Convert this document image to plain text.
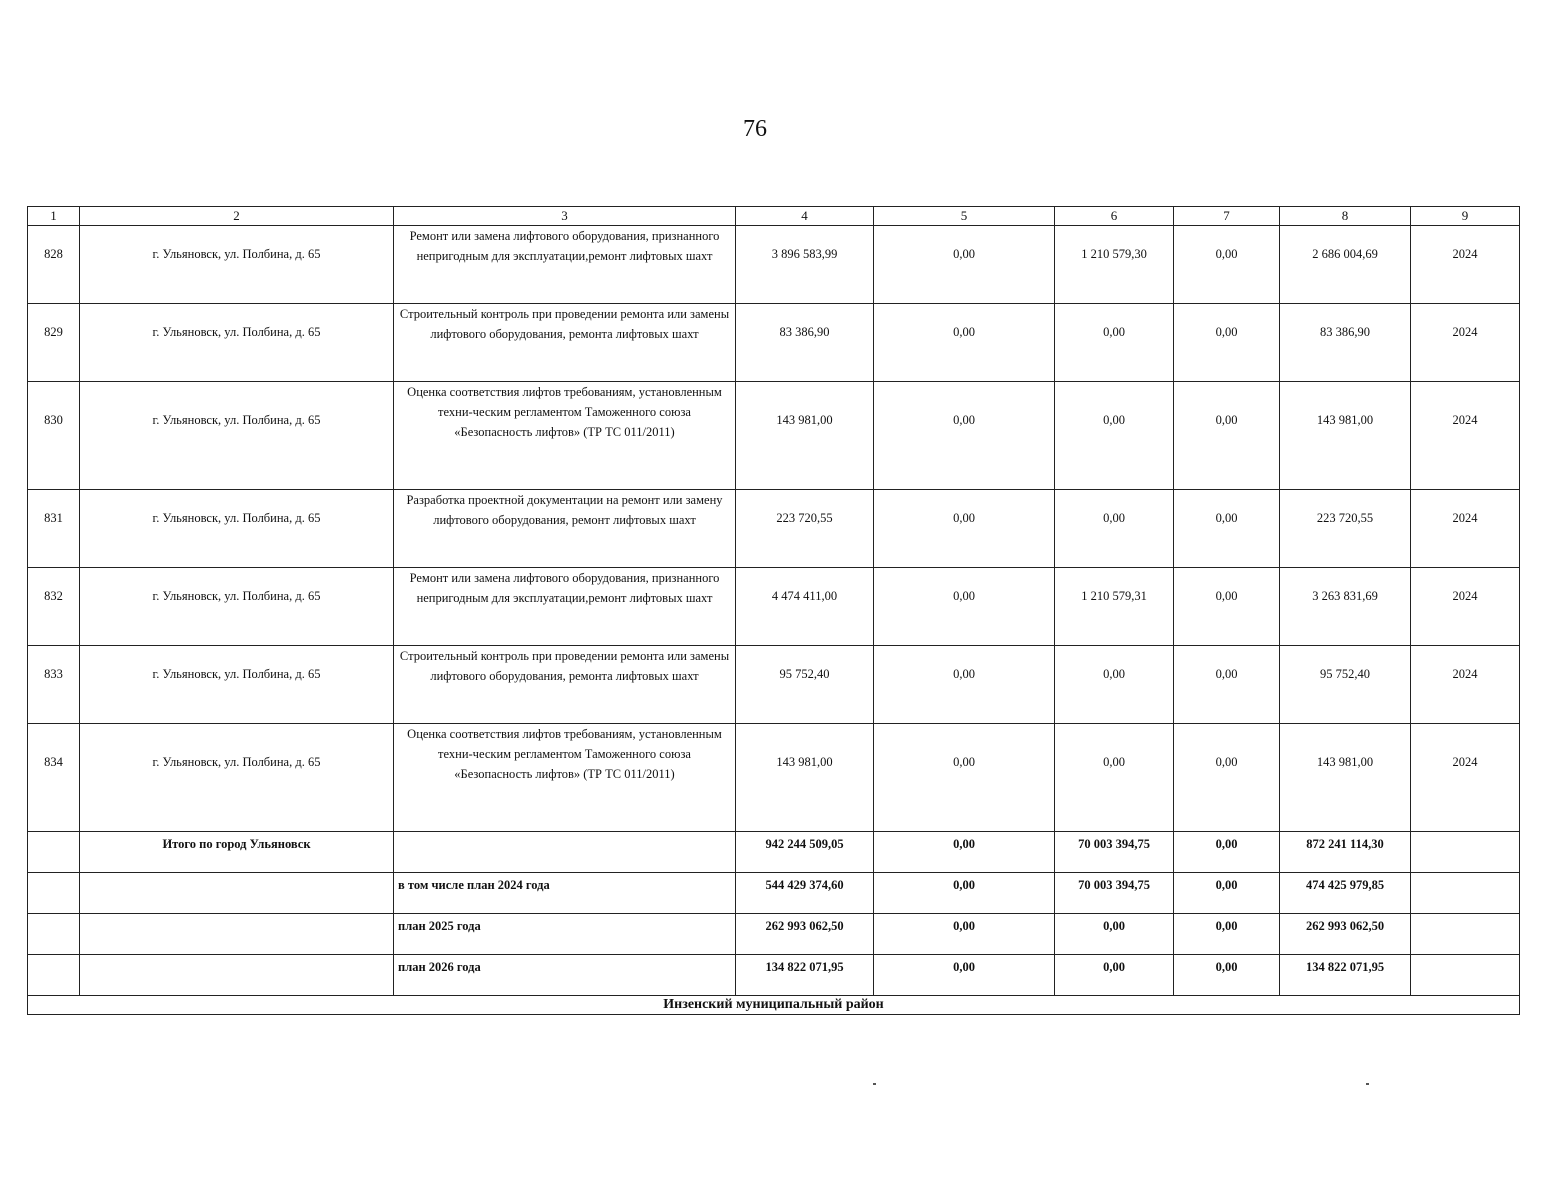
76
1	2	3	4	5	6	7	8	9
828	г. Ульяновск, ул. Полбина, д. 65	Ремонт или замена лифтового оборудования, признанного непригодным для эксплуатации,ремонт лифтовых шахт	3 896 583,99	0,00	1 210 579,30	0,00	2 686 004,69	2024
829	г. Ульяновск, ул. Полбина, д. 65	Строительный контроль при проведении ремонта или замены лифтового оборудования, ремонта лифтовых шахт	83 386,90	0,00	0,00	0,00	83 386,90	2024
830	г. Ульяновск, ул. Полбина, д. 65	Оценка соответствия лифтов требованиям, установленным техни-ческим регламентом Таможенного союза «Безопасность лифтов» (ТР ТС 011/2011)	143 981,00	0,00	0,00	0,00	143 981,00	2024
831	г. Ульяновск, ул. Полбина, д. 65	Разработка проектной документации на ремонт или замену лифтового оборудования, ремонт лифтовых шахт	223 720,55	0,00	0,00	0,00	223 720,55	2024
832	г. Ульяновск, ул. Полбина, д. 65	Ремонт или замена лифтового оборудования, признанного непригодным для эксплуатации,ремонт лифтовых шахт	4 474 411,00	0,00	1 210 579,31	0,00	3 263 831,69	2024
833	г. Ульяновск, ул. Полбина, д. 65	Строительный контроль при проведении ремонта или замены лифтового оборудования, ремонта лифтовых шахт	95 752,40	0,00	0,00	0,00	95 752,40	2024
834	г. Ульяновск, ул. Полбина, д. 65	Оценка соответствия лифтов требованиям, установленным техни-ческим регламентом Таможенного союза «Безопасность лифтов» (ТР ТС 011/2011)	143 981,00	0,00	0,00	0,00	143 981,00	2024
	Итого по город Ульяновск		942 244 509,05	0,00	70 003 394,75	0,00	872 241 114,30	
		в том числе план 2024 года	544 429 374,60	0,00	70 003 394,75	0,00	474 425 979,85	
		план 2025 года	262 993 062,50	0,00	0,00	0,00	262 993 062,50	
		план 2026 года	134 822 071,95	0,00	0,00	0,00	134 822 071,95	
Инзенский муниципальный район								
